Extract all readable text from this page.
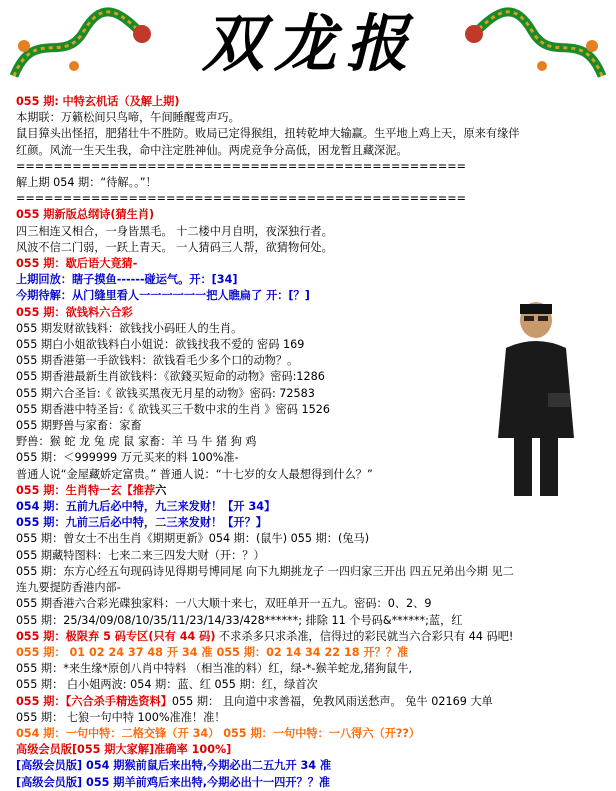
双龙报
055 期: 中特玄机话（及解上期)
本期联：万籁松间只鸟啼，午间睡醒莺声巧。
鼠目獐头出怪招，肥猪壮牛不胜防。败局已定得猴组，扭转乾坤大输赢。生平地上鸡上天，原来有缘伴
红颜。风流一生天生我，命中注定胜神仙。两虎竞争分高低，困龙暂且藏深泥。
================================================
解上期 054 期：“待解。。”！
================================================
055 期新版总纲诗(猜生肖)
四三相连又相合，一身皆黑毛。 十二楼中月自明，夜深独行者。
风波不信二门弱，一跃上青天。 一人猜码三人帮，欲猜物何处。
055 期：歇后语大竟猜-
上期回放：瞎子摸鱼------碰运气。开：[34]
今期待解：从门缝里看人一一一一一一把人瞧扁了 开：[？]
055 期：欲钱料六合彩
055 期发财欲钱料：欲钱找小码旺人的生肖。
055 期白小姐欲钱料白小姐说：欲钱找我不爱的 密码 169
055 期香港第一手欲钱料：欲钱看毛少多个口的动物？。
055 期香港最新生肖欲钱料：《欲錢买短命的动物》密码:1286
055 期六合圣旨:《 欲钱买黑夜无月星的动物》密码: 72583
055 期香港中特圣旨:《 欲钱买三千数中求的生肖 》密码 1526
055 期野兽与家畜：家畜
野兽：猴 蛇 龙 兔 虎 鼠 家畜：羊 马 牛 猪 狗 鸡
055 期：＜999999 万元买来的料 100%准-
普通人说“金屋藏娇定富贵。” 普通人说：“十七岁的女人最想得到什么？”
055 期：生肖特一玄【推荐六
054 期：五前九后必中特，九三来发财！【开 34】
055 期：九前三后必中特，二三来发财！【开？】
055 期：曾女士不出生肖《期期更新》054 期：(鼠牛) 055 期：(兔马)
055 期藏特图料：七来二来三四发大财（开：？）
055 期：东方心经五句现码诗见得期号博同尾 向下九期挑龙子 一四归家三开出 四五兄弟出今期 见二
连九要提防香港内部-
055 期香港六合彩光碟独家料：一八大顺十来七，双旺单开一五九。密码：0、2、9
055 期：25/34/09/08/10/35/11/23/14/33/428******; 排除 11 个号码&******;蓝，红
055 期：极限弃 5 码专区(只有 44 码) 不求杀多只求杀准，信得过的彩民就当六合彩只有 44 码吧!
055 期： 01 02 24 37 48 开 34 准 055 期：02 14 34 22 18 开？？准
055 期：*来生缘*原创八肖中特料 （相当准的料）红，绿-*-猴羊蛇龙,猪狗鼠牛,
055 期： 白小姐两波: 054 期：蓝、红 055 期：红，绿首次
055 期：【六合杀手精选资料】055 期： 且向道中求善福，免教风雨送愁声。 兔牛 02169 大单
055 期： 七狼一句中特 100%准准！准！
054 期：一句中特：二格交锋（开 34） 055 期：一句中特：一八得六（开??）
高级会员版[055 期大家解]准确率 100%]
[高级会员版] 054 期猴前鼠后来出特,今期必出二五九开 34 准
[高级会员版] 055 期羊前鸡后来出特,今期必出十一四开？？准
